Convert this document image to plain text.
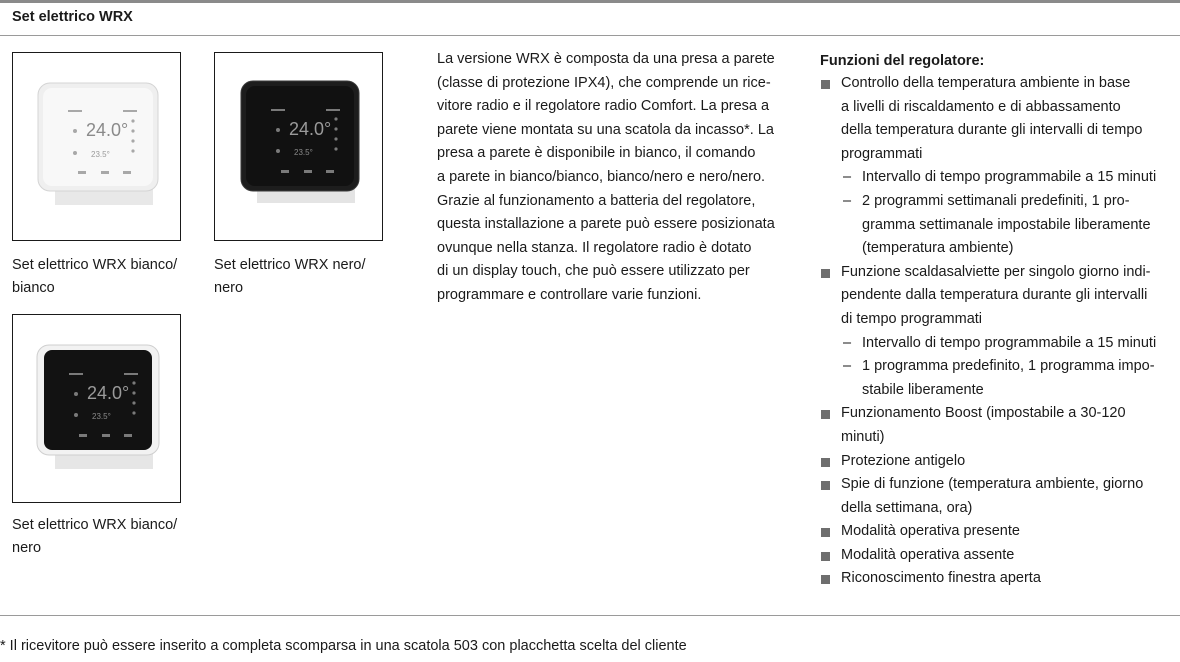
Set elettrico WRX
24.0°
23.5°
24.0°
23.5°
24.0°
23.5°
Set elettrico WRX bianco/
bianco
Set elettrico WRX nero/
nero
Set elettrico WRX bianco/
nero
La versione WRX è composta da una presa a parete
(classe di protezione IPX4), che comprende un rice-
vitore radio e il regolatore radio Comfort. La presa a
parete viene montata su una scatola da incasso*. La
presa a parete è disponibile in bianco, il comando
a parete in bianco/bianco, bianco/nero e nero/nero.
Grazie al funzionamento a batteria del regolatore,
questa installazione a parete può essere posizionata
ovunque nella stanza. Il regolatore radio è dotato
di un display touch, che può essere utilizzato per
programmare e controllare varie funzioni.
Funzioni del regolatore:
Controllo della temperatura ambiente in base
a livelli di riscaldamento e di abbassamento
della temperatura durante gli intervalli di tempo
programmati
– Intervallo di tempo programmabile a 15 minuti
– 2 programmi settimanali predefiniti, 1 pro-
gramma settimanale impostabile liberamente
(temperatura ambiente)
Funzione scaldasalviette per singolo giorno indi-
pendente dalla temperatura durante gli intervalli
di tempo programmati
– Intervallo di tempo programmabile a 15 minuti
– 1 programma predefinito, 1 programma impo-
stabile liberamente
Funzionamento Boost (impostabile a 30-120
minuti)
Protezione antigelo
Spie di funzione (temperatura ambiente, giorno
della settimana, ora)
Modalità operativa presente
Modalità operativa assente
Riconoscimento finestra aperta
* Il ricevitore può essere inserito a completa scomparsa in una scatola 503 con placchetta scelta del cliente
